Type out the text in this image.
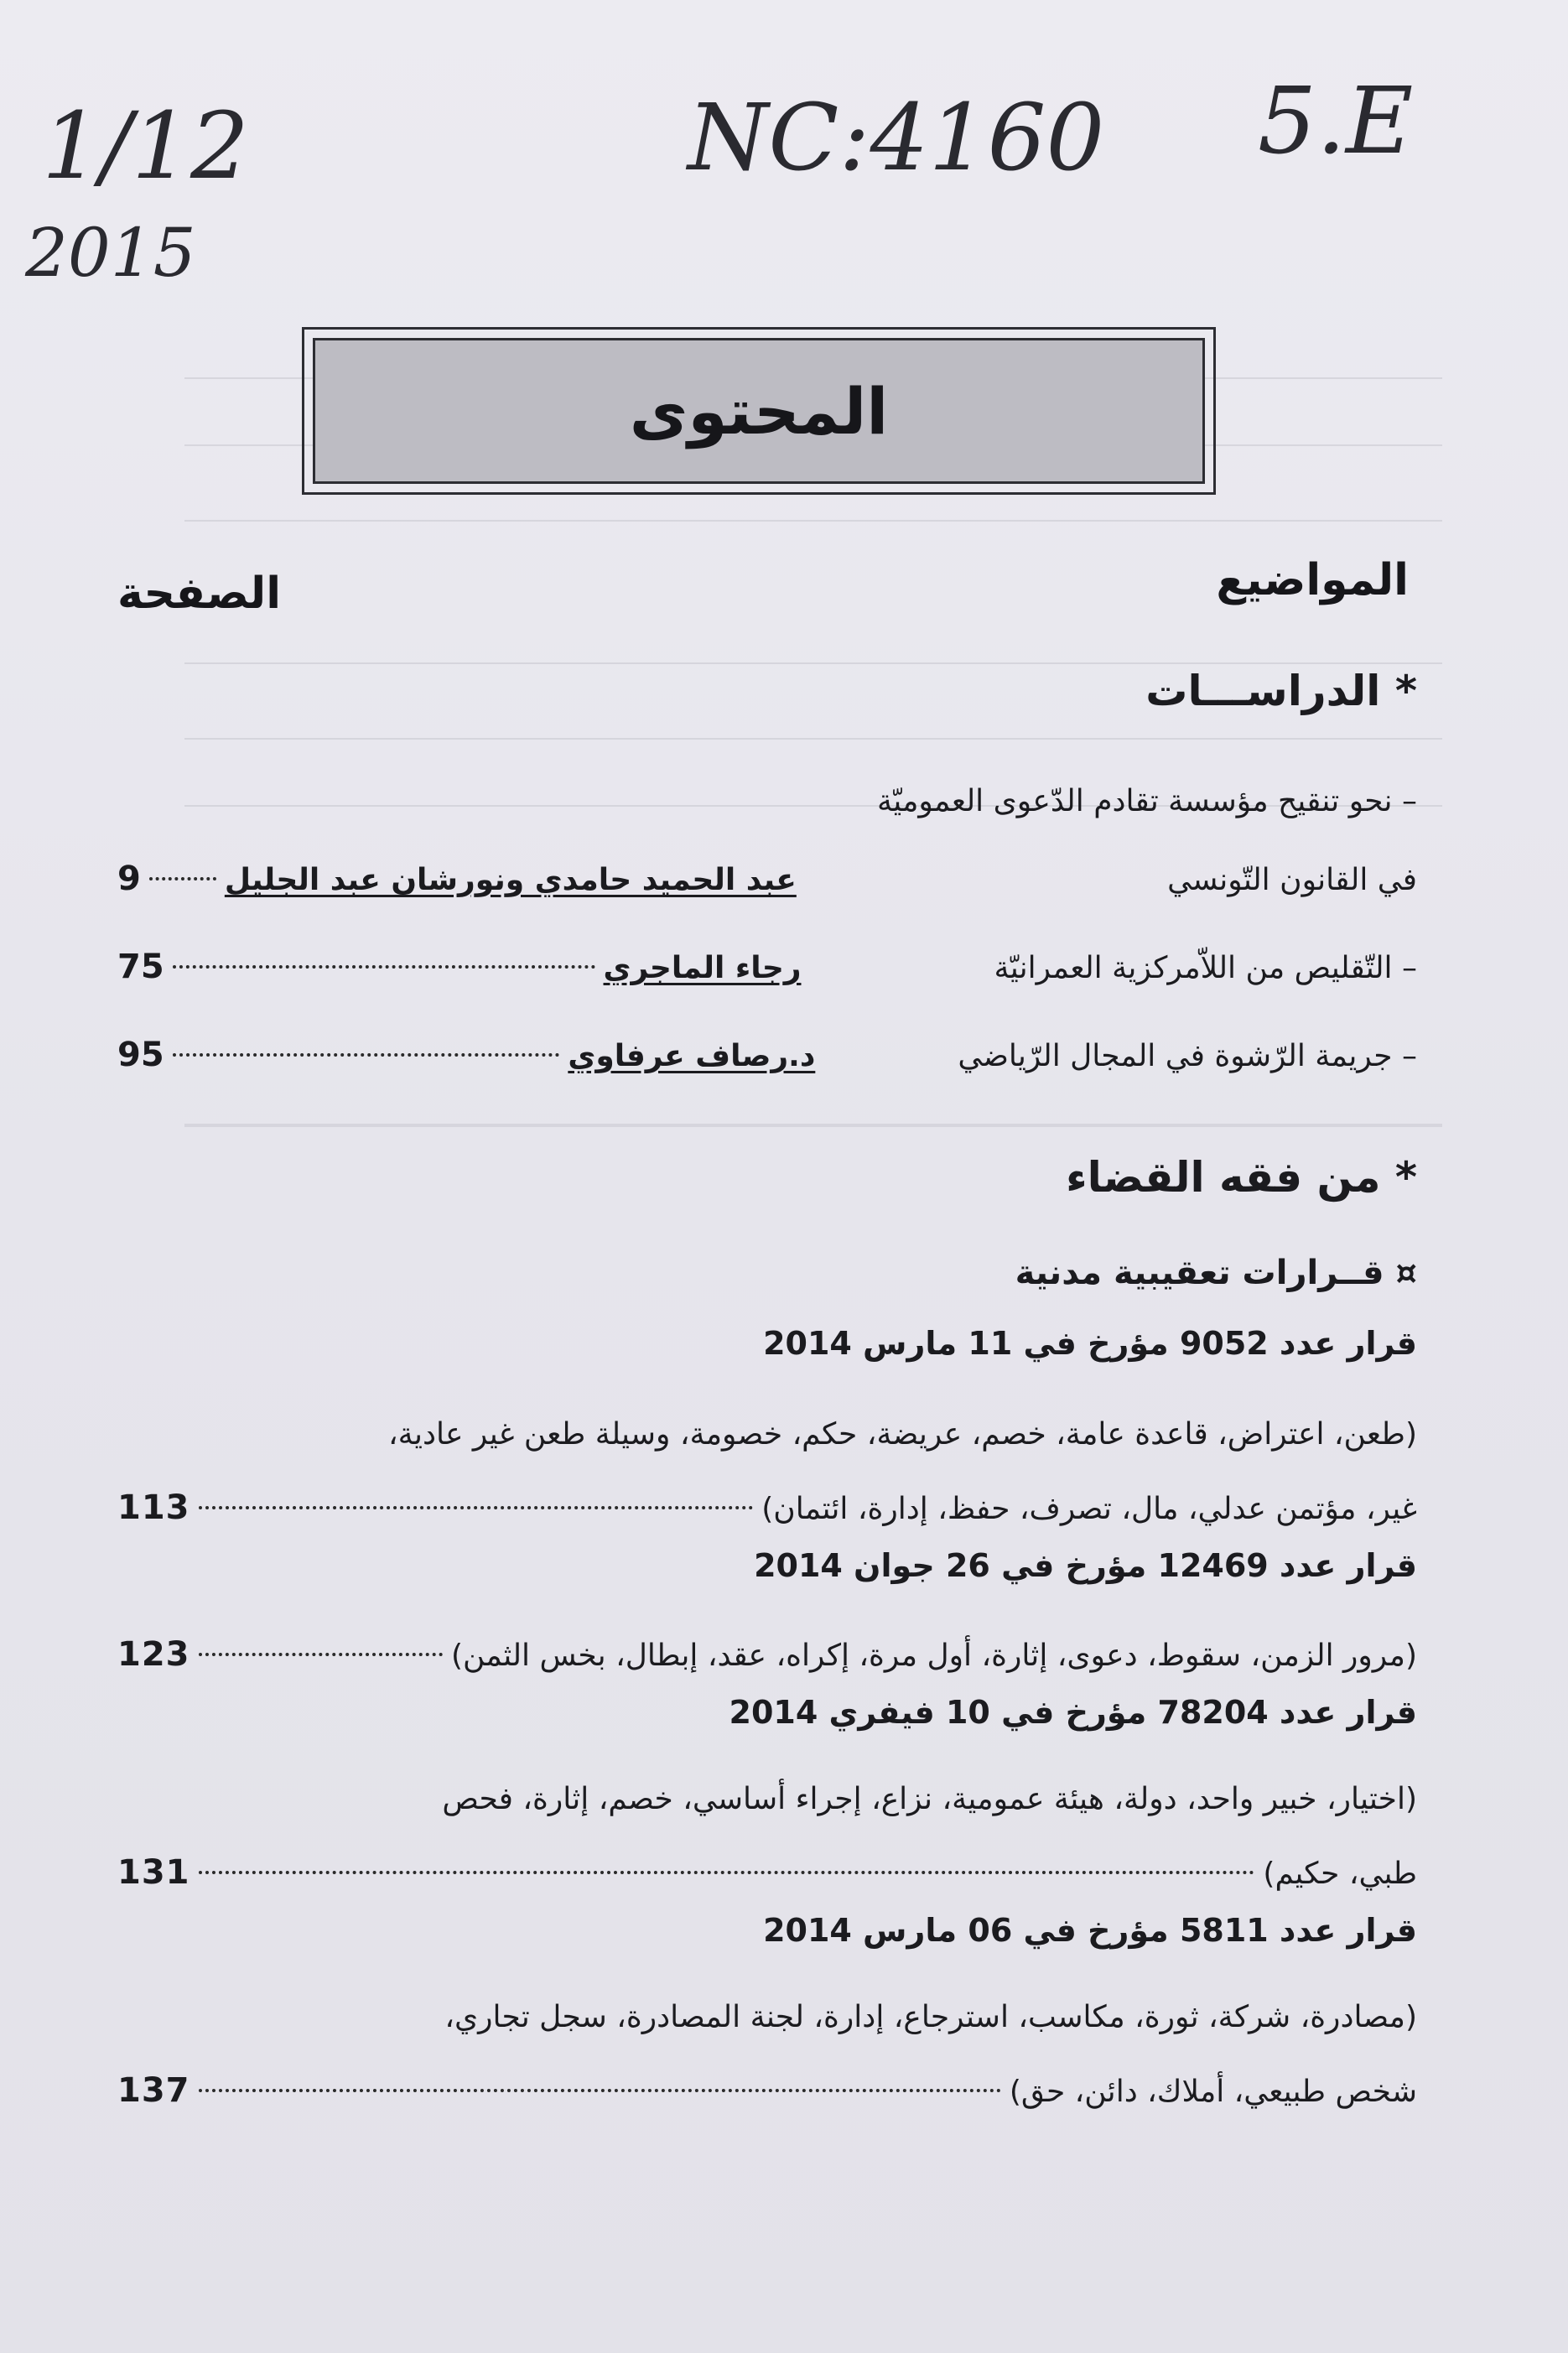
1/12
2015
NC:4160 5.E
المحتوى
المواضيع
الصفحة
* الدراســـات
– نحو تنقيح مؤسسة تقادم الدّعوى العموميّة
في القانون التّونسي
عبد الحميد حامدي ونورشان عبد الجليل
9
– التّقليص من اللاّمركزية العمرانيّة
رجاء الماجري
75
– جريمة الرّشوة في المجال الرّياضي
د.رصاف عرفاوي
95
* من فقه القضاء
¤ قــرارات تعقيبية مدنية
قرار عدد 9052 مؤرخ في 11 مارس 2014
(طعن، اعتراض، قاعدة عامة، خصم، عريضة، حكم، خصومة، وسيلة طعن غير عادية،
غير، مؤتمن عدلي، مال، تصرف، حفظ، إدارة، ائتمان)
113
قرار عدد 12469 مؤرخ في 26 جوان 2014
(مرور الزمن، سقوط، دعوى، إثارة، أول مرة، إكراه، عقد، إبطال، بخس الثمن)
123
قرار عدد 78204 مؤرخ في 10 فيفري 2014
(اختيار، خبير واحد، دولة، هيئة عمومية، نزاع، إجراء أساسي، خصم، إثارة، فحص
طبي، حكيم)
131
قرار عدد 5811 مؤرخ في 06 مارس 2014
(مصادرة، شركة، ثورة، مكاسب، استرجاع، إدارة، لجنة المصادرة، سجل تجاري،
شخص طبيعي، أملاك، دائن، حق)
137
